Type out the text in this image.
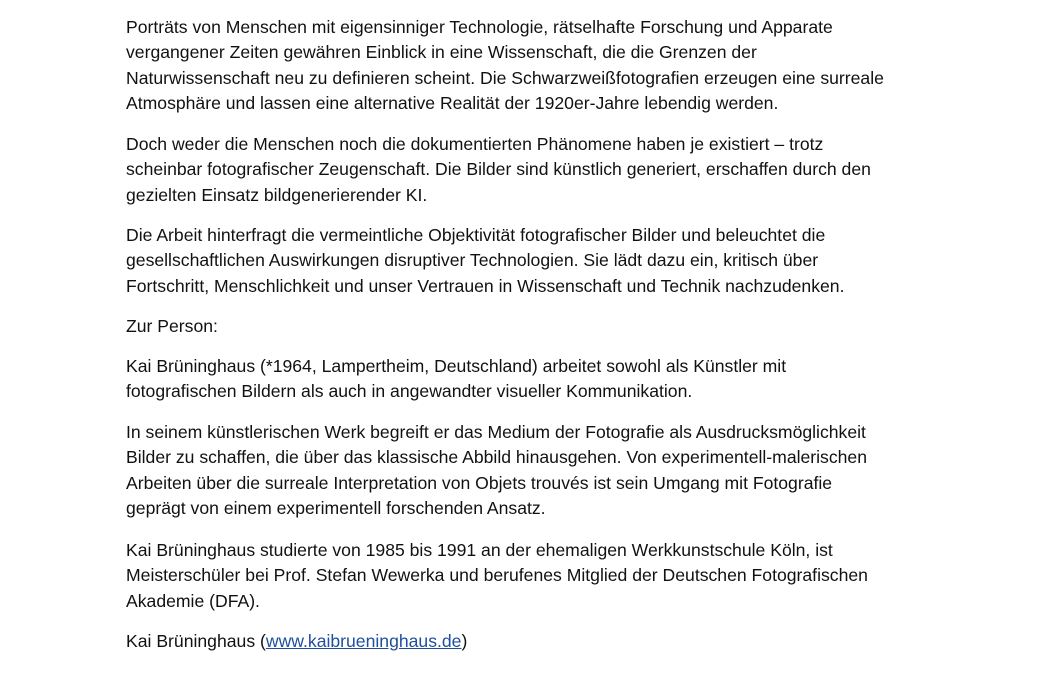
Porträts von Menschen mit eigensinniger Technologie, rätselhafte Forschung und Apparate
vergangener Zeiten gewähren Einblick in eine Wissenschaft, die die Grenzen der
Naturwissenschaft neu zu definieren scheint. Die Schwarzweißfotografien erzeugen eine surreale
Atmosphäre und lassen eine alternative Realität der 1920er-Jahre lebendig werden.
Doch weder die Menschen noch die dokumentierten Phänomene haben je existiert – trotz
scheinbar fotografischer Zeugenschaft. Die Bilder sind künstlich generiert, erschaffen durch den
gezielten Einsatz bildgenerierender KI.
Die Arbeit hinterfragt die vermeintliche Objektivität fotografischer Bilder und beleuchtet die
gesellschaftlichen Auswirkungen disruptiver Technologien. Sie lädt dazu ein, kritisch über
Fortschritt, Menschlichkeit und unser Vertrauen in Wissenschaft und Technik nachzudenken.
Zur Person:
Kai Brüninghaus (*1964, Lampertheim, Deutschland) arbeitet sowohl als Künstler mit
fotografischen Bildern als auch in angewandter visueller Kommunikation.
In seinem künstlerischen Werk begreift er das Medium der Fotografie als Ausdrucksmöglichkeit
Bilder zu schaffen, die über das klassische Abbild hinausgehen. Von experimentell-malerischen
Arbeiten über die surreale Interpretation von Objets trouvés ist sein Umgang mit Fotografie
geprägt von einem experimentell forschenden Ansatz.
Kai Brüninghaus studierte von 1985 bis 1991 an der ehemaligen Werkkunstschule Köln, ist
Meisterschüler bei Prof. Stefan Wewerka und berufenes Mitglied der Deutschen Fotografischen
Akademie (DFA).
Kai Brüninghaus (www.kaibrueninghaus.de)
